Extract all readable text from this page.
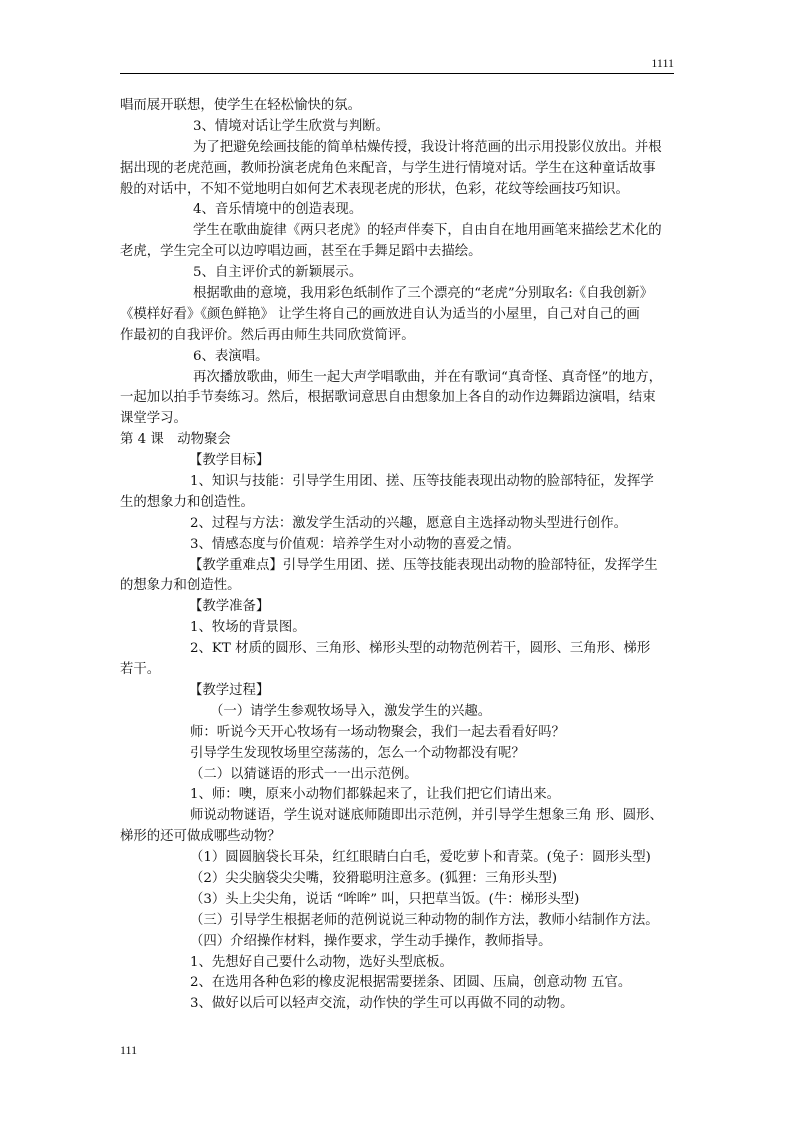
1111
唱而展开联想，使学生在轻松愉快的氛。
3、情境对话让学生欣赏与判断。
为了把避免绘画技能的简单枯燥传授，我设计将范画的出示用投影仪放出。并根
据出现的老虎范画，教师扮演老虎角色来配音，与学生进行情境对话。学生在这种童话故事
般的对话中，不知不觉地明白如何艺术表现老虎的形状，色彩，花纹等绘画技巧知识。
4、音乐情境中的创造表现。
学生在歌曲旋律《两只老虎》的轻声伴奏下，自由自在地用画笔来描绘艺术化的
老虎，学生完全可以边哼唱边画，甚至在手舞足蹈中去描绘。
5、自主评价式的新颖展示。
根据歌曲的意境，我用彩色纸制作了三个漂亮的“老虎”分别取名:《自我创新》
《模样好看》《颜色鲜艳》 让学生将自己的画放进自认为适当的小屋里，自己对自己的画
作最初的自我评价。然后再由师生共同欣赏简评。
6、表演唱。
再次播放歌曲，师生一起大声学唱歌曲，并在有歌词“真奇怪、真奇怪”的地方，
一起加以拍手节奏练习。然后，根据歌词意思自由想象加上各自的动作边舞蹈边演唱，结束
课堂学习。
第 4 课　动物聚会
【教学目标】
1、知识与技能：引导学生用团、搓、压等技能表现出动物的脸部特征，发挥学
生的想象力和创造性。
2、过程与方法：激发学生活动的兴趣，愿意自主选择动物头型进行创作。
3、情感态度与价值观：培养学生对小动物的喜爱之情。
【教学重难点】引导学生用团、搓、压等技能表现出动物的脸部特征，发挥学生
的想象力和创造性。
【教学准备】
1、牧场的背景图。
2、KT 材质的圆形、三角形、梯形头型的动物范例若干，圆形、三角形、梯形
若干。
【教学过程】
（一）请学生参观牧场导入，激发学生的兴趣。
师：听说今天开心牧场有一场动物聚会，我们一起去看看好吗？
引导学生发现牧场里空荡荡的，怎么一个动物都没有呢？
（二）以猜谜语的形式一一出示范例。
1、师：噢，原来小动物们都躲起来了，让我们把它们请出来。
师说动物谜语，学生说对谜底师随即出示范例，并引导学生想象三角 形、圆形、
梯形的还可做成哪些动物？
（1）圆圆脑袋长耳朵，红红眼睛白白毛，爱吃萝卜和青菜。(兔子：圆形头型)
（2）尖尖脑袋尖尖嘴，狡猾聪明注意多。(狐狸：三角形头型)
（3）头上尖尖角，说话 “哞哞” 叫，只把草当饭。(牛：梯形头型)
（三）引导学生根据老师的范例说说三种动物的制作方法，教师小结制作方法。
（四）介绍操作材料，操作要求，学生动手操作，教师指导。
1、先想好自己要什么动物，选好头型底板。
2、在选用各种色彩的橡皮泥根据需要搓条、团圆、压扁，创意动物 五官。
3、做好以后可以轻声交流，动作快的学生可以再做不同的动物。
111
